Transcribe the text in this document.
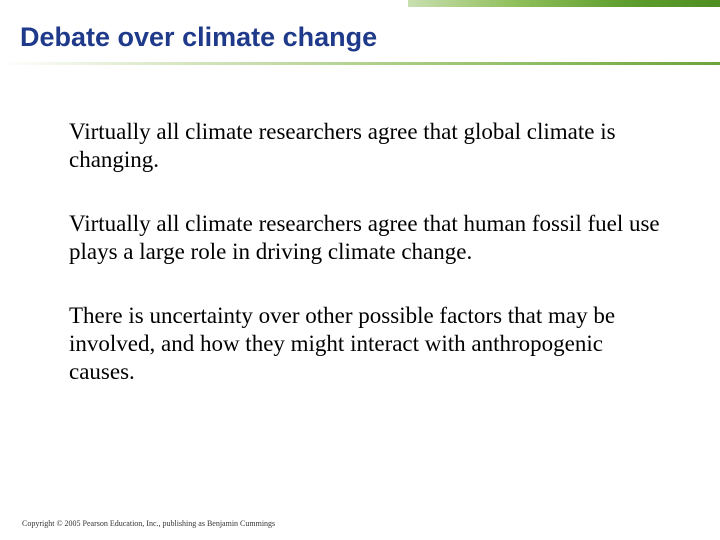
Debate over climate change
Virtually all climate researchers agree that global climate is changing.
Virtually all climate researchers agree that human fossil fuel use plays a large role in driving climate change.
There is uncertainty over other possible factors that may be involved, and how they might interact with anthropogenic causes.
Copyright © 2005 Pearson Education, Inc., publishing as Benjamin Cummings
